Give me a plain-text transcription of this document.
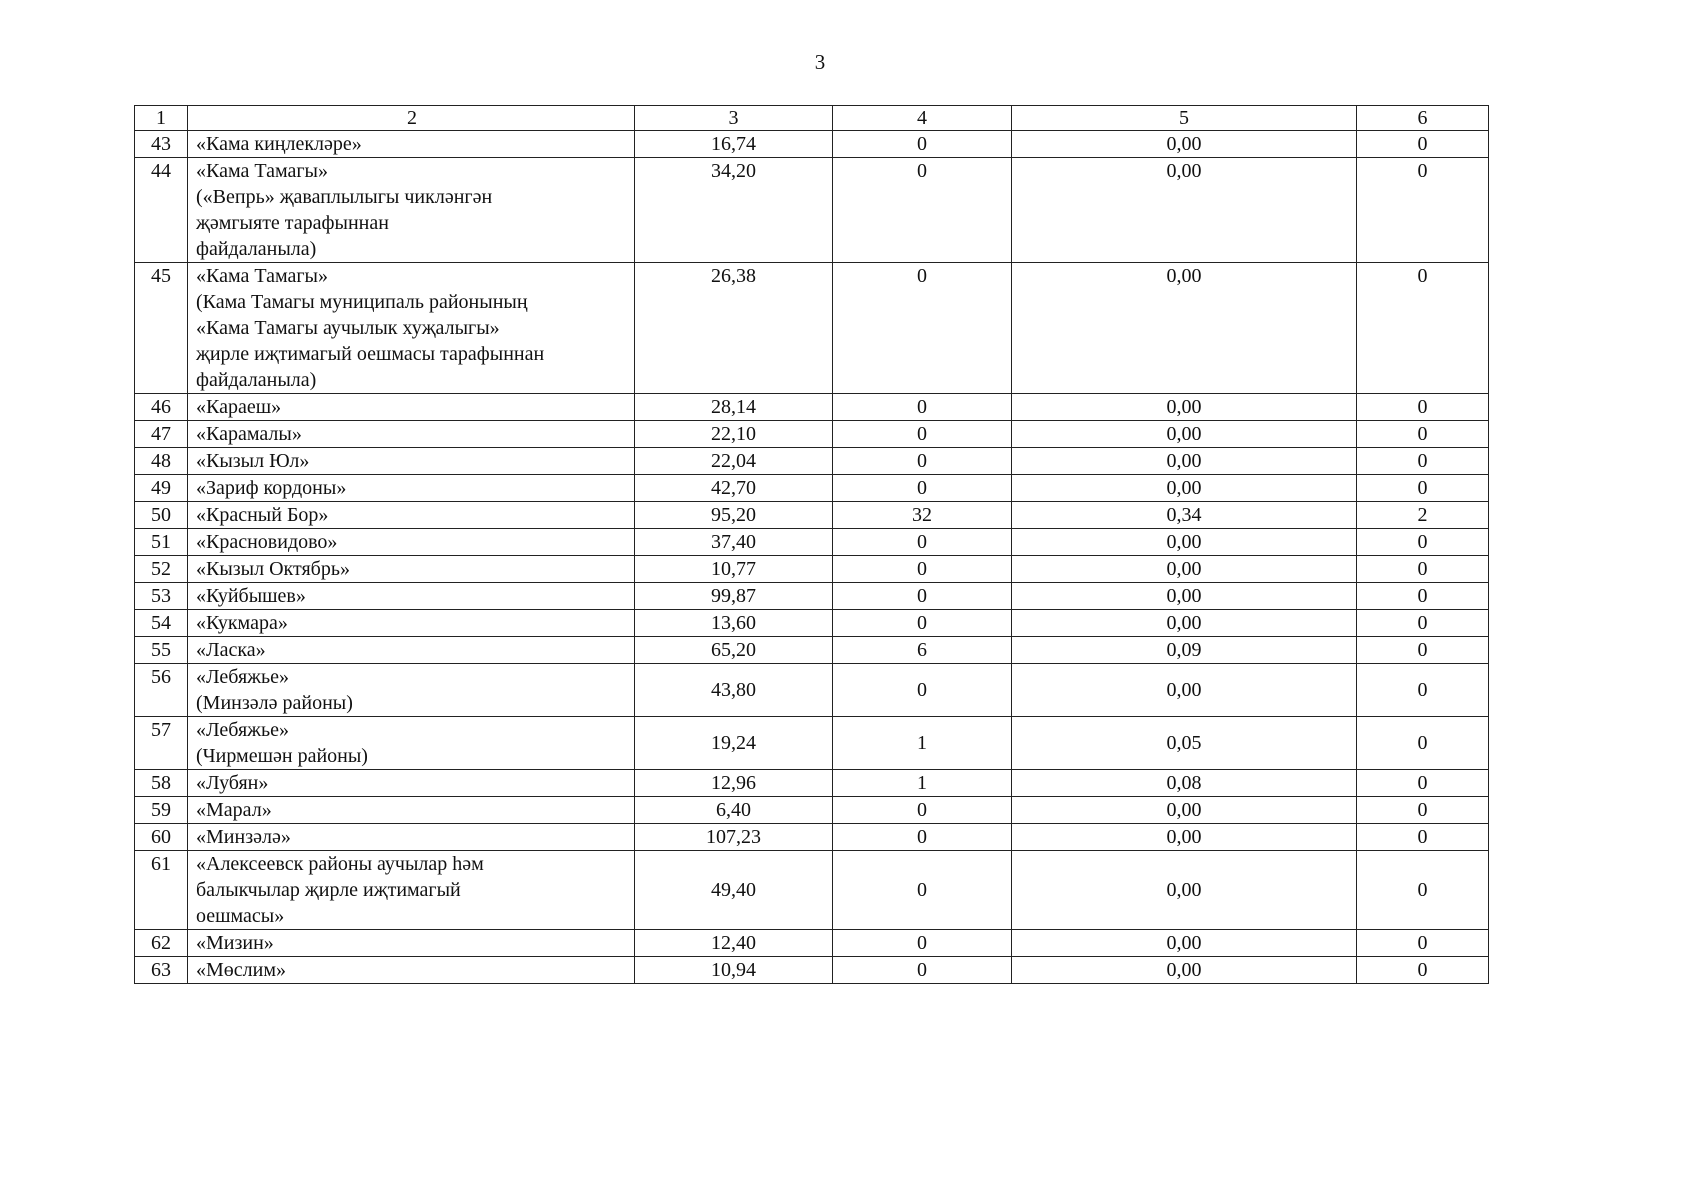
3
1	2	3	4	5	6
43	«Кама киңлекләре»	16,74	0	0,00	0
44	«Кама Тамагы»
(«Вепрь» җаваплылыгы чикләнгән
җәмгыяте тарафыннан
файдаланыла)	34,20	0	0,00	0
45	«Кама Тамагы»
(Кама Тамагы муниципаль районының
«Кама Тамагы аучылык хуҗалыгы»
җирле иҗтимагый оешмасы тарафыннан
файдаланыла)	26,38	0	0,00	0
46	«Караеш»	28,14	0	0,00	0
47	«Карамалы»	22,10	0	0,00	0
48	«Кызыл Юл»	22,04	0	0,00	0
49	«Зариф кордоны»	42,70	0	0,00	0
50	«Красный Бор»	95,20	32	0,34	2
51	«Красновидово»	37,40	0	0,00	0
52	«Кызыл Октябрь»	10,77	0	0,00	0
53	«Куйбышев»	99,87	0	0,00	0
54	«Кукмара»	13,60	0	0,00	0
55	«Ласка»	65,20	6	0,09	0
56	«Лебяжье»
(Минзәлә районы)	43,80	0	0,00	0
57	«Лебяжье»
(Чирмешән районы)	19,24	1	0,05	0
58	«Лубян»	12,96	1	0,08	0
59	«Марал»	6,40	0	0,00	0
60	«Минзәлә»	107,23	0	0,00	0
61	«Алексеевск районы аучылар һәм
балыкчылар җирле иҗтимагый
оешмасы»	49,40	0	0,00	0
62	«Мизин»	12,40	0	0,00	0
63	«Мөслим»	10,94	0	0,00	0
